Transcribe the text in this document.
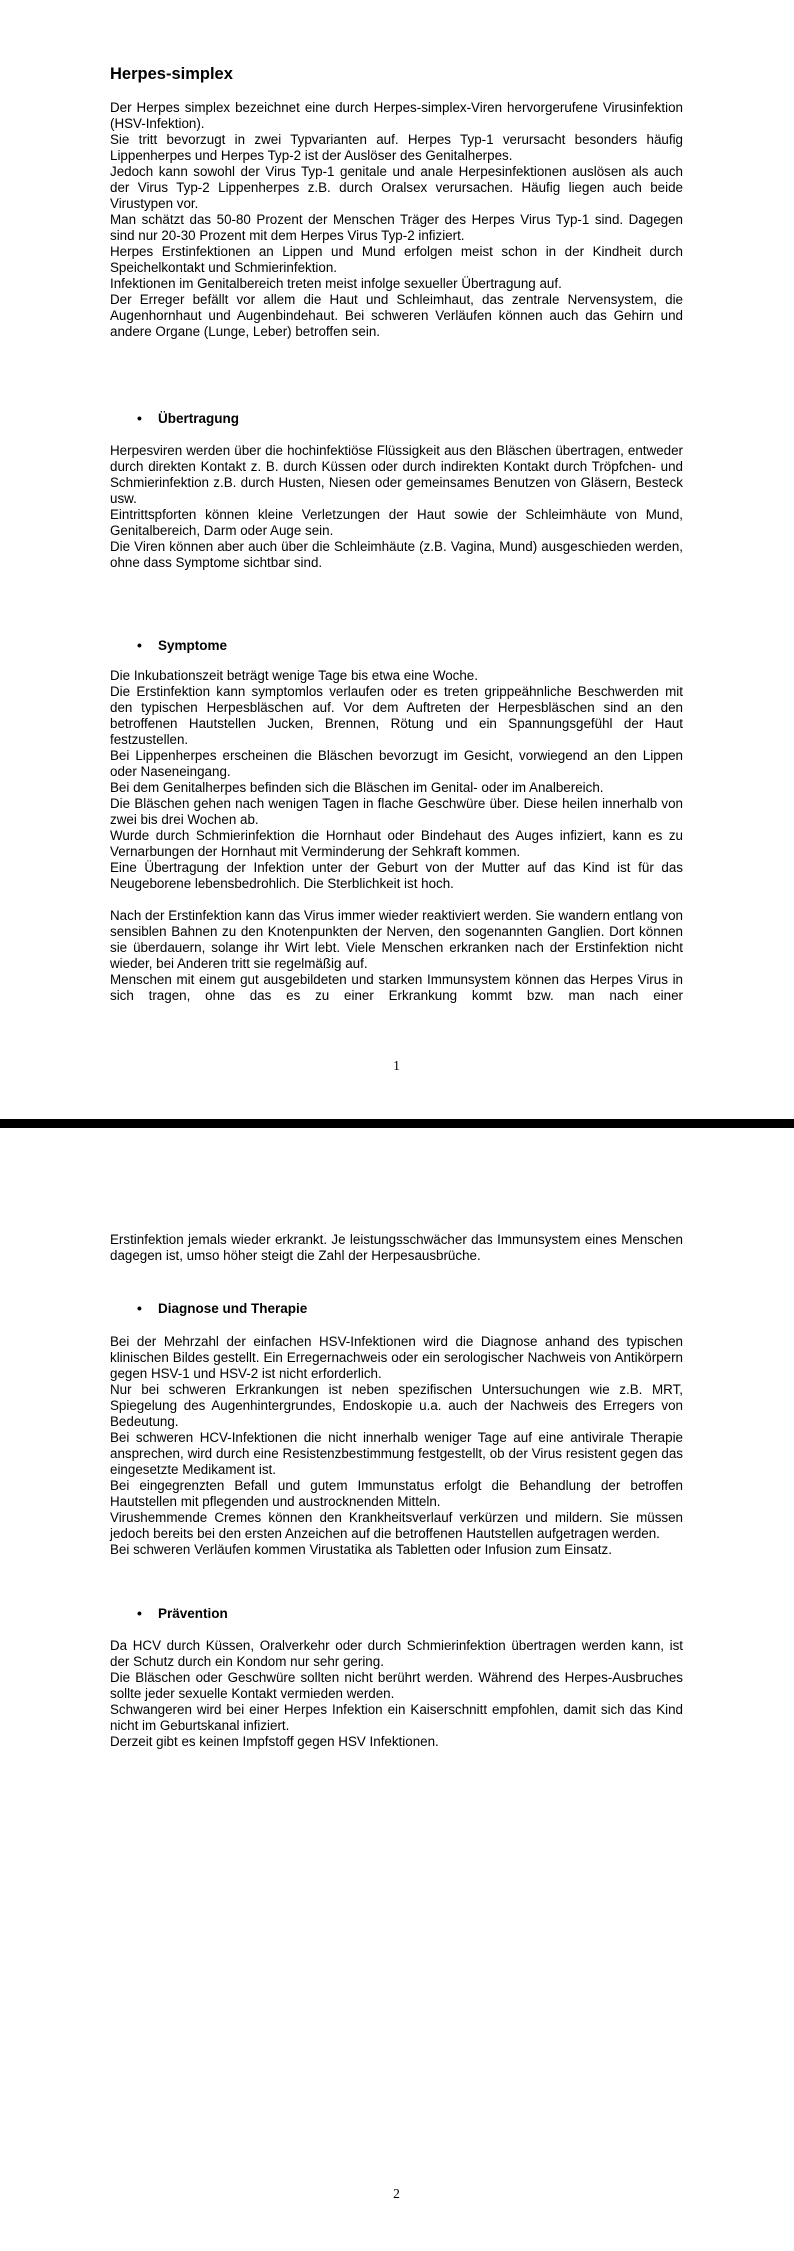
Herpes-simplex

Der Herpes simplex bezeichnet eine durch Herpes-simplex-Viren hervorgerufene Virusinfektion (HSV-Infektion).

Sie tritt bevorzugt in zwei Typvarianten auf. Herpes Typ-1 verursacht besonders häufig Lippenherpes und Herpes Typ-2 ist der Auslöser des Genitalherpes.

Jedoch kann sowohl der Virus Typ-1 genitale und anale Herpesinfektionen auslösen als auch der Virus Typ-2 Lippenherpes z.B. durch Oralsex verursachen. Häufig liegen auch beide Virustypen vor.

Man schätzt das 50-80 Prozent der Menschen Träger des Herpes Virus Typ-1 sind. Dagegen sind nur 20-30 Prozent mit dem Herpes Virus Typ-2 infiziert.

Herpes Erstinfektionen an Lippen und Mund erfolgen meist schon in der Kindheit durch Speichelkontakt und Schmierinfektion.

Infektionen im Genitalbereich treten meist infolge sexueller Übertragung auf.

Der Erreger befällt vor allem die Haut und Schleimhaut, das zentrale Nervensystem, die Augenhornhaut und Augenbindehaut. Bei schweren Verläufen können auch das Gehirn und andere Organe (Lunge, Leber) betroffen sein.

•
Übertragung

Herpesviren werden über die hochinfektiöse Flüssigkeit aus den Bläschen übertragen, entweder durch direkten Kontakt z. B. durch Küssen oder durch indirekten Kontakt durch Tröpfchen- und Schmierinfektion z.B. durch Husten, Niesen oder gemeinsames Benutzen von Gläsern, Besteck usw.

Eintrittspforten können kleine Verletzungen der Haut sowie der Schleimhäute von Mund, Genitalbereich, Darm oder Auge sein.

Die Viren können aber auch über die Schleimhäute (z.B. Vagina, Mund) ausgeschieden werden, ohne dass Symptome sichtbar sind.

•
Symptome

Die Inkubationszeit beträgt wenige Tage bis etwa eine Woche.

Die Erstinfektion kann symptomlos verlaufen oder es treten grippeähnliche Beschwerden mit den typischen Herpesbläschen auf. Vor dem Auftreten der Herpesbläschen sind an den betroffenen Hautstellen Jucken, Brennen, Rötung und ein Spannungsgefühl der Haut festzustellen.

Bei Lippenherpes erscheinen die Bläschen bevorzugt im Gesicht, vorwiegend an den Lippen oder Naseneingang.

Bei dem Genitalherpes befinden sich die Bläschen im Genital- oder im Analbereich.

Die Bläschen gehen nach wenigen Tagen in flache Geschwüre über. Diese heilen innerhalb von zwei bis drei Wochen ab.

Wurde durch Schmierinfektion die Hornhaut oder Bindehaut des Auges infiziert, kann es zu Vernarbungen der Hornhaut mit Verminderung der Sehkraft kommen.

Eine Übertragung der Infektion unter der Geburt von der Mutter auf das Kind ist für das Neugeborene lebensbedrohlich. Die Sterblichkeit ist hoch.

Nach der Erstinfektion kann das Virus immer wieder reaktiviert werden. Sie wandern entlang von sensiblen Bahnen zu den Knotenpunkten der Nerven, den sogenannten Ganglien. Dort können sie überdauern, solange ihr Wirt lebt. Viele Menschen erkranken nach der Erstinfektion nicht wieder, bei Anderen tritt sie regelmäßig auf.

Menschen mit einem gut ausgebildeten und starken Immunsystem können das Herpes Virus in sich tragen, ohne das es zu einer Erkrankung kommt bzw. man nach einer

1

Erstinfektion jemals wieder erkrankt. Je leistungsschwächer das Immunsystem eines Menschen dagegen ist, umso höher steigt die Zahl der Herpesausbrüche.

•
Diagnose und Therapie

Bei der Mehrzahl der einfachen HSV-Infektionen wird die Diagnose anhand des typischen klinischen Bildes gestellt. Ein Erregernachweis oder ein serologischer Nachweis von Antikörpern gegen HSV-1 und HSV-2 ist nicht erforderlich.

Nur bei schweren Erkrankungen ist neben spezifischen Untersuchungen wie z.B. MRT, Spiegelung des Augenhintergrundes, Endoskopie u.a. auch der Nachweis des Erregers von Bedeutung.

Bei schweren HCV-Infektionen die nicht innerhalb weniger Tage auf eine antivirale Therapie ansprechen, wird durch eine Resistenzbestimmung festgestellt, ob der Virus resistent gegen das eingesetzte Medikament ist.

Bei eingegrenzten Befall und gutem Immunstatus erfolgt die Behandlung der betroffen Hautstellen mit pflegenden und austrocknenden Mitteln.

Virushemmende Cremes können den Krankheitsverlauf verkürzen und mildern. Sie müssen jedoch bereits bei den ersten Anzeichen auf die betroffenen Hautstellen aufgetragen werden.

Bei schweren Verläufen kommen Virustatika als Tabletten oder Infusion zum Einsatz.

•
Prävention

Da HCV durch Küssen, Oralverkehr oder durch Schmierinfektion übertragen werden kann, ist der Schutz durch ein Kondom nur sehr gering.

Die Bläschen oder Geschwüre sollten nicht berührt werden. Während des Herpes-Ausbruches sollte jeder sexuelle Kontakt vermieden werden.

Schwangeren wird bei einer Herpes Infektion ein Kaiserschnitt empfohlen, damit sich das Kind nicht im Geburtskanal infiziert.

Derzeit gibt es keinen Impfstoff gegen HSV Infektionen.

2
